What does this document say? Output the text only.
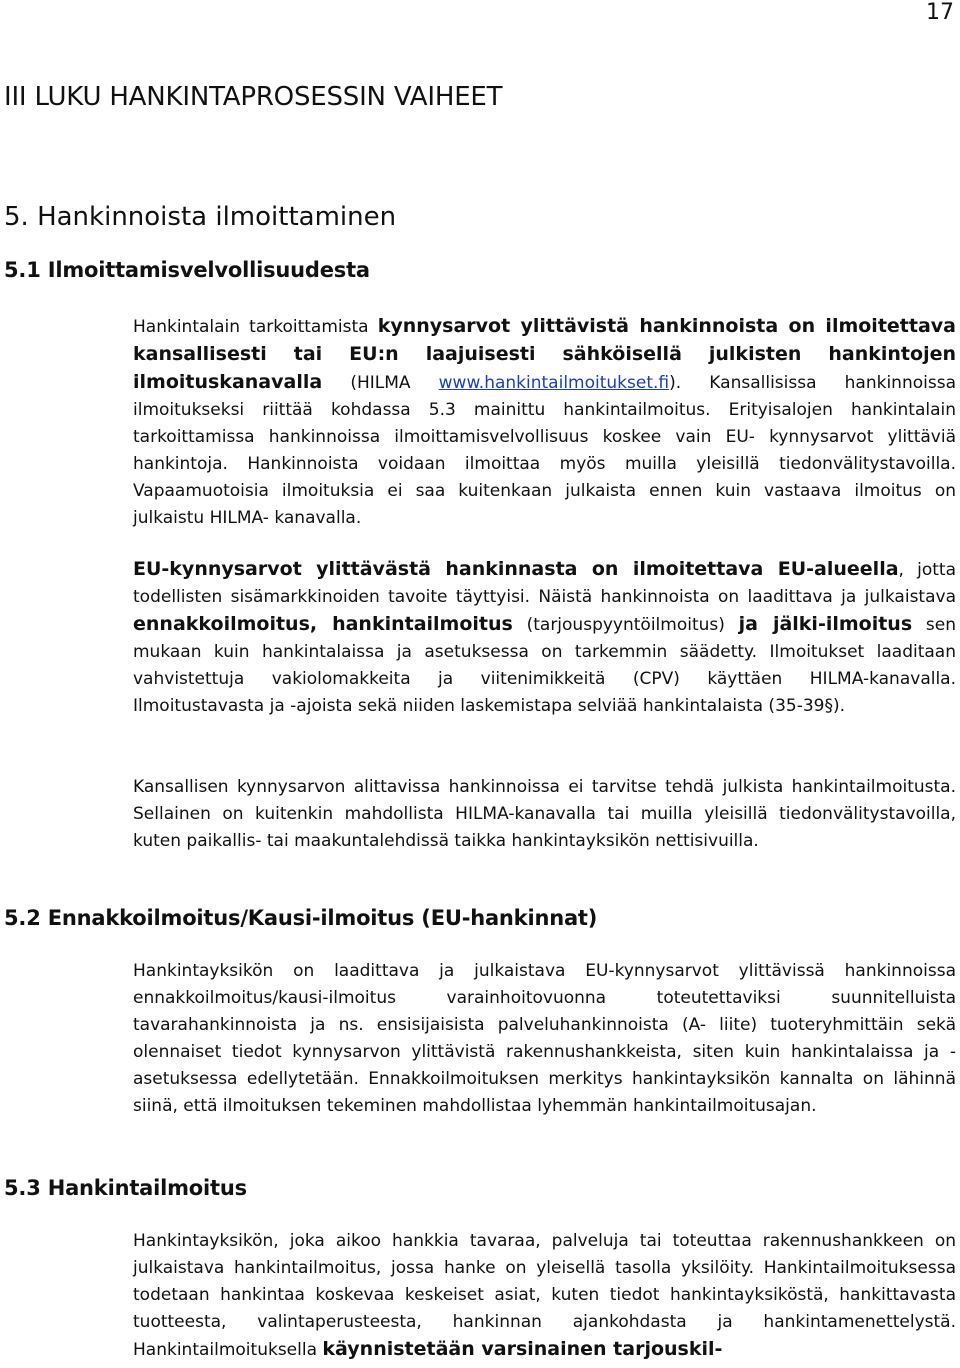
17
III LUKU HANKINTAPROSESSIN VAIHEET
5. Hankinnoista ilmoittaminen
5.1 Ilmoittamisvelvollisuudesta

Hankintalain tarkoittamista kynnysarvot ylittävistä hankinnoista on ilmoitettava kansallisesti tai EU:n laajuisesti sähköisellä julkisten hankintojen ilmoituskanavalla (HILMA www.hankintailmoitukset.fi). Kansallisissa hankinnoissa ilmoitukseksi riittää kohdassa 5.3 mainittu hankintailmoitus. Erityisalojen hankintalain tarkoittamissa hankinnoissa ilmoittamisvelvollisuus koskee vain EU- kynnysarvot ylittäviä hankintoja. Hankinnoista voidaan ilmoittaa myös muilla yleisillä tiedonvälitystavoilla. Vapaamuotoisia ilmoituksia ei saa kuitenkaan julkaista ennen kuin vastaava ilmoitus on julkaistu HILMA- kanavalla.

EU-kynnysarvot ylittävästä hankinnasta on ilmoitettava EU-alueella, jotta todellisten sisämarkkinoiden tavoite täyttyisi. Näistä hankinnoista on laadittava ja julkaistava ennakkoilmoitus, hankintailmoitus (tarjouspyyntöilmoitus) ja jälki-ilmoitus sen mukaan kuin hankintalaissa ja asetuksessa on tarkemmin säädetty. Ilmoitukset laaditaan vahvistettuja vakiolomakkeita ja viitenimikkeitä (CPV) käyttäen HILMA-kanavalla. Ilmoitustavasta ja -ajoista sekä niiden laskemistapa selviää hankintalaista (35-39§).

Kansallisen kynnysarvon alittavissa hankinnoissa ei tarvitse tehdä julkista hankintailmoitusta. Sellainen on kuitenkin mahdollista HILMA-kanavalla tai muilla yleisillä tiedonvälitystavoilla, kuten paikallis- tai maakuntalehdissä taikka hankintayksikön nettisivuilla.

5.2 Ennakkoilmoitus/Kausi-ilmoitus (EU-hankinnat)

Hankintayksikön on laadittava ja julkaistava EU-kynnysarvot ylittävissä hankinnoissa ennakkoilmoitus/kausi-ilmoitus varainhoitovuonna toteutettaviksi suunnitelluista tavarahankinnoista ja ns. ensisijaisista palveluhankinnoista (A- liite) tuoteryhmittäin sekä olennaiset tiedot kynnysarvon ylittävistä rakennushankkeista, siten kuin hankintalaissa ja -asetuksessa edellytetään. Ennakkoilmoituksen merkitys hankintayksikön kannalta on lähinnä siinä, että ilmoituksen tekeminen mahdollistaa lyhemmän hankintailmoitusajan.

5.3 Hankintailmoitus

Hankintayksikön, joka aikoo hankkia tavaraa, palveluja tai toteuttaa rakennushankkeen on julkaistava hankintailmoitus, jossa hanke on yleisellä tasolla yksilöity. Hankintailmoituksessa todetaan hankintaa koskevaa keskeiset asiat, kuten tiedot hankintayksiköstä, hankittavasta tuotteesta, valintaperusteesta, hankinnan ajankohdasta ja hankintamenettelystä. Hankintailmoituksella käynnistetään varsinainen tarjouskil-
